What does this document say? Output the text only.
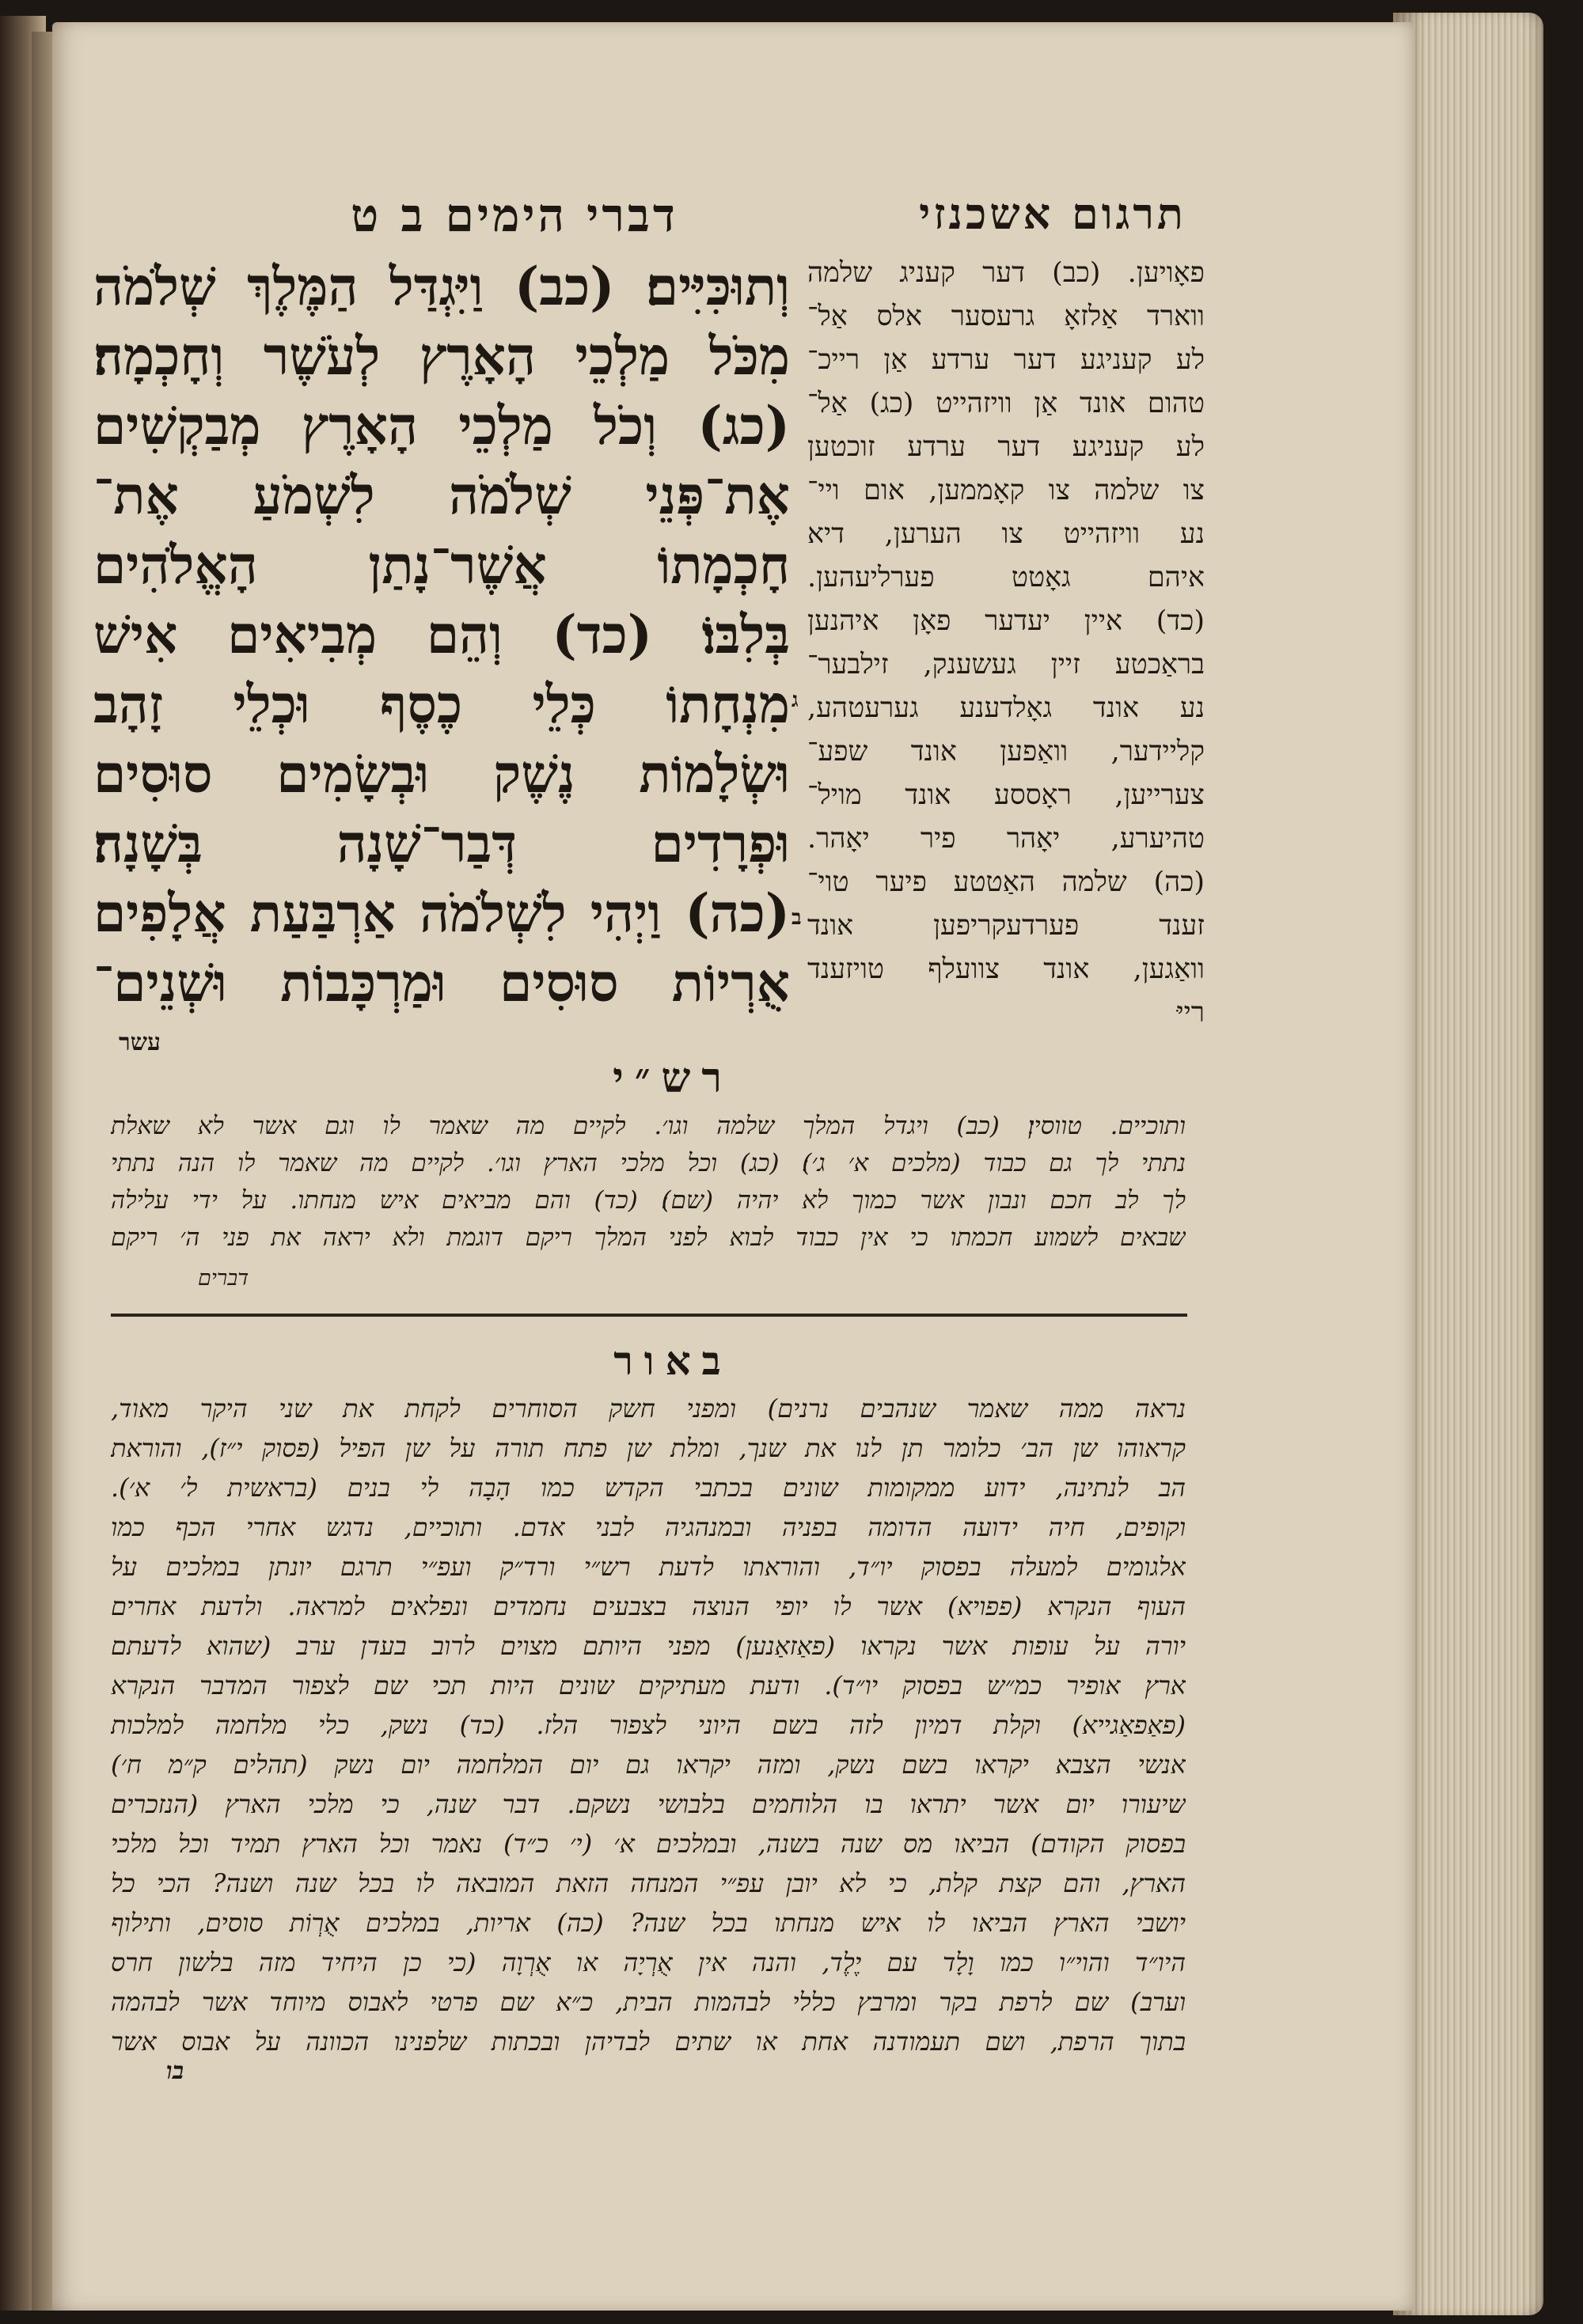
דברי הימים ב ט	תרגום אשכנזי
וְתוּכִּיִּים׃ (כב) וַיִּגְדַּל הַמֶּלֶךְ שְׁלֹמֹה
מִכֹּל מַלְכֵי הָאָרֶץ לְעֹשֶׁר וְחָכְמָה׃
(כג) וְכֹל מַלְכֵי הָאָרֶץ מְבַקְשִׁים
אֶת־פְּנֵי שְׁלֹמֹה לִשְׁמֹעַ אֶת־
חָכְמָתוֹ אֲשֶׁר־נָתַן הָאֱלֹהִים
בְּלִבּוֹ׃ (כד) וְהֵם מְבִיאִים אִישׁ
מִנְחָתוֹ כְּלֵי כֶסֶף וּכְלֵי זָהָב
וּשְׂלָמוֹת נֶשֶׁק וּבְשָׂמִים סוּסִים
וּפְרָדִים דְּבַר־שָׁנָה בְּשָׁנָה׃
(כה) וַיְהִי לִשְׁלֹמֹה אַרְבַּעַת אֲלָפִים
אֻרְיוֹת סוּסִים וּמַרְכָּבוֹת וּשְׁנֵים־
עשר
ג
ב
פאָויען. (כב) דער קעניג שלמה
ווארד אַלזאָ גרעסער אלס אַל־
לע קעניגע דער ערדע אַן רייכ־
טהום אונד אַן וויזהייט (כג) אַל־
לע קעניגע דער ערדע זוכטען
צו שלמה צו קאָממען, אום ויי־
נע וויזהייט צו הערען, דיא
איהם גאָטט פערליעהען.
(כד) איין יעדער פאָן איהנען
בראַכטע זיין געשענק, זילבער־
נע אונד גאָלדענע גערעטהע,
קליידער, וואַפען אונד שפע־
צערייען, ראָססע אונד מויל־
טהיערע, יאָהר פיר יאָהר.
(כה) שלמה האַטטע פיער טוי־
זענד פערדעקריפען אונד
וואַגען, אונד צוועלף טויזענד
רייּ
רש״י
ותוכיים. טווסין׃ (כב) ויגדל המלך שלמה וגו׳. לקיים מה שאמר לו וגם אשר לא שאלת
נתתי לך גם כבוד (מלכים א׳ ג׳)׃ (כג) וכל מלכי הארץ וגו׳. לקיים מה שאמר לו הנה נתתי
לך לב חכם ונבון אשר כמוך לא יהיה (שם)׃ (כד) והם מביאים איש מנחתו. על ידי עלילה
שבאים לשמוע חכמתו כי אין כבוד לבוא לפני המלך ריקם דוגמת ולא יראה את פני ה׳ ריקם
דברים
באור
נראה ממה שאמר שנהבים נרנים) ומפני חשק הסוחרים לקחת את שני היקר מאוד,
קראוהו שן הב׳ כלומר תן לנו את שנך, ומלת שן פתח תורה על שן הפיל (פסוק י״ז), והוראת
הב לנתינה, ידוע ממקומות שונים בכתבי הקדש כמו הָבָה לי בנים (בראשית ל׳ א׳).
וקופים, חיה ידועה הדומה בפניה ובמנהגיה לבני אדם. ותוכיים, נדגש אחרי הכף כמו
אלגומים למעלה בפסוק יו״ד, והוראתו לדעת רש״י ורד״ק ועפ״י תרגם יונתן במלכים על
העוף הנקרא (פפויא) אשר לו יופי הנוצה בצבעים נחמדים ונפלאים למראה. ולדעת אחרים
יורה על עופות אשר נקראו (פאַזאַנען) מפני היותם מצוים לרוב בעדן ערב (שהוא לדעתם
ארץ אופיר כמ״ש בפסוק יו״ד). ודעת מעתיקים שונים היות תכי שם לצפור המדבר הנקרא
(פאַפאַגייא) וקלת דמיון לזה בשם היוני לצפור הלז. (כד) נשק, כלי מלחמה למלכות
אנשי הצבא יקראו בשם נשק, ומזה יקראו גם יום המלחמה יום נשק (תהלים ק״מ ח׳)
שיעורו יום אשר יתראו בו הלוחמים בלבושי נשקם. דבר שנה, כי מלכי הארץ (הנזכרים
בפסוק הקודם) הביאו מס שנה בשנה, ובמלכים א׳ (י׳ כ״ד) נאמר וכל הארץ תמיד וכל מלכי
הארץ, והם קצת קלת, כי לא יובן עפ״י המנחה הזאת המובאה לו בכל שנה ושנה? הכי כל
יושבי הארץ הביאו לו איש מנחתו בכל שנה? (כה) אריות, במלכים אֻרְוֹת סוסים, ותילוף
היו״ד והוי״ו כמו וָלָד עם יֶלֶד, והנה אין אֻרְיָה או אֻרְוָה (כי כן היחיד מזה בלשון חרס
וערב) שם לרפת בקר ומרבץ כללי לבהמות הבית, כ״א שם פרטי לאבוס מיוחד אשר לבהמה
בתוך הרפת, ושם תעמודנה אחת או שתים לבדיהן ובכתות שלפנינו הכוונה על אבוס אשר
בו
